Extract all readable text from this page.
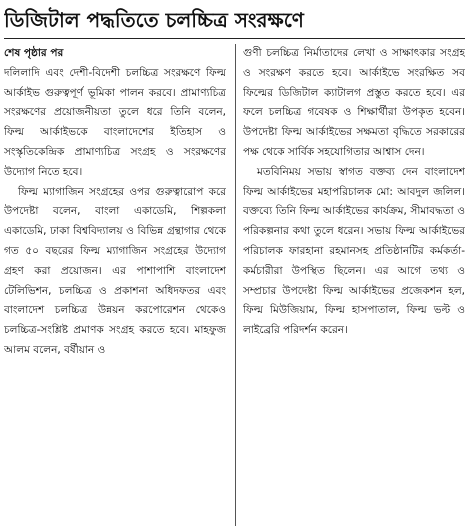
ডিজিটাল পদ্ধতিতে চলচ্চিত্র সংরক্ষণে

শেষ পৃষ্ঠার পর

দলিলাদি এবং দেশী-বিদেশী চলচ্চিত্র সংরক্ষণে ফিল্ম আর্কাইভ গুরুত্বপূর্ণ ভূমিকা পালন করবে। প্রামাণ্যচিত্র সংরক্ষণের প্রয়োজনীয়তা তুলে ধরে তিনি বলেন, ফিল্ম আর্কাইভকে বাংলাদেশের ইতিহাস ও সংস্কৃতিকেন্দ্রিক প্রামাণ্যচিত্র সংগ্রহ ও সংরক্ষণের উদ্যোগ নিতে হবে।

ফিল্ম ম্যাগাজিন সংগ্রহের ওপর গুরুত্বারোপ করে উপদেষ্টা বলেন, বাংলা একাডেমি, শিল্পকলা একাডেমি, ঢাকা বিশ্ববিদ্যালয় ও বিভিন্ন গ্রন্থাগার থেকে গত ৫০ বছরের ফিল্ম ম্যাগাজিন সংগ্রহের উদ্যোগ গ্রহণ করা প্রয়োজন। এর পাশাপাশি বাংলাদেশ টেলিভিশন, চলচ্চিত্র ও প্রকাশনা অধিদফতর এবং বাংলাদেশ চলচ্চিত্র উন্নয়ন করপোরেশন থেকেও চলচ্চিত্র-সংশ্লিষ্ট প্রমাণক সংগ্রহ করতে হবে। মাহফুজ আলম বলেন, বর্ষীয়ান ও

গুণী চলচ্চিত্র নির্মাতাদের লেখা ও সাক্ষাৎকার সংগ্রহ ও সংরক্ষণ করতে হবে। আর্কাইভে সংরক্ষিত সব ফিল্মের ডিজিটাল ক্যাটালগ প্রস্তুত করতে হবে। এর ফলে চলচ্চিত্র গবেষক ও শিক্ষার্থীরা উপকৃত হবেন। উপদেষ্টা ফিল্ম আর্কাইভের সক্ষমতা বৃদ্ধিতে সরকারের পক্ষ থেকে সার্বিক সহযোগিতার আশ্বাস দেন।

মতবিনিময় সভায় স্বাগত বক্তব্য দেন বাংলাদেশ ফিল্ম আর্কাইভের মহাপরিচালক মো: আবদুল জলিল। বক্তব্যে তিনি ফিল্ম আর্কাইভের কার্যক্রম, সীমাবদ্ধতা ও পরিকল্পনার কথা তুলে ধরেন। সভায় ফিল্ম আর্কাইভের পরিচালক ফারহানা রহমানসহ প্রতিষ্ঠানটির কর্মকর্তা-কর্মচারীরা উপস্থিত ছিলেন। এর আগে তথ্য ও সম্প্রচার উপদেষ্টা ফিল্ম আর্কাইভের প্রজেকশন হল, ফিল্ম মিউজিয়াম, ফিল্ম হাসপাতাল, ফিল্ম ভল্ট ও লাইব্রেরি পরিদর্শন করেন।
